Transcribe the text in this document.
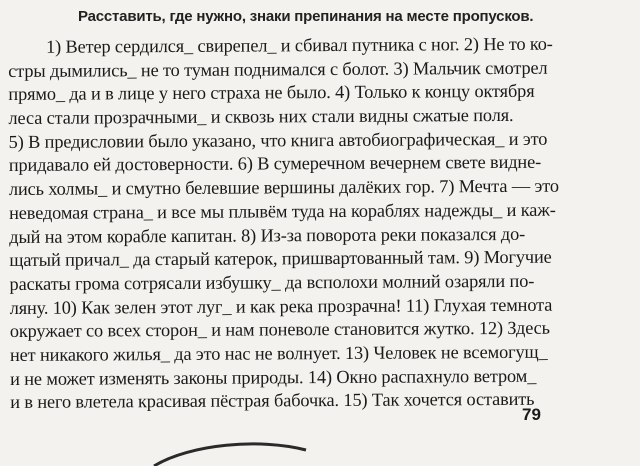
Расставить, где нужно, знаки препинания на месте пропусков.
1) Ветер сердился_ свирепел_ и сбивал путника с ног. 2) Не то ко-
стры дымились_ не то туман поднимался с болот. 3) Мальчик смотрел
прямо_ да и в лице у него страха не было. 4) Только к концу октября
леса стали прозрачными_ и сквозь них стали видны сжатые поля.
5) В предисловии было указано, что книга автобиографическая_ и это
придавало ей достоверности. 6) В сумеречном вечернем свете видне-
лись холмы_ и смутно белевшие вершины далёких гор. 7) Мечта — это
неведомая страна_ и все мы плывём туда на кораблях надежды_ и каж-
дый на этом корабле капитан. 8) Из-за поворота реки показался до-
щатый причал_ да старый катерок, пришвартованный там. 9) Могучие
раскаты грома сотрясали избушку_ да всполохи молний озаряли по-
ляну. 10) Как зелен этот луг_ и как река прозрачна! 11) Глухая темнота
окружает со всех сторон_ и нам поневоле становится жутко. 12) Здесь
нет никакого жилья_ да это нас не волнует. 13) Человек не всемогущ_
и не может изменять законы природы. 14) Окно распахнуло ветром_
и в него влетела красивая пёстрая бабочка. 15) Так хочется оставить
79
